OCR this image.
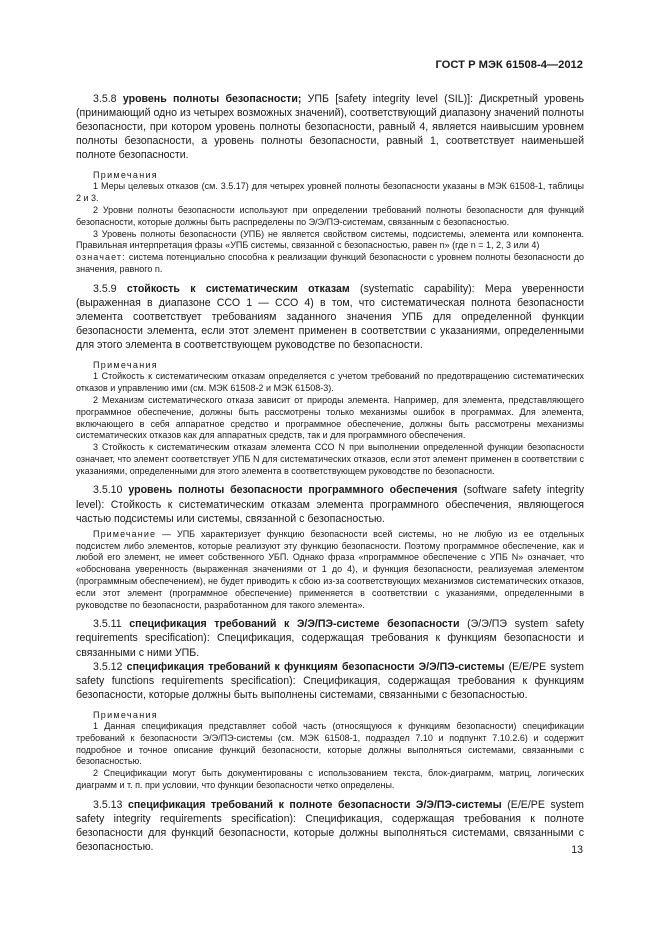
ГОСТ Р МЭК 61508-4—2012

3.5.8 уровень полноты безопасности; УПБ [safety integrity level (SIL)]: Дискретный уровень (принимающий одно из четырех возможных значений), соответствующий диапазону значений полноты безопасности, при котором уровень полноты безопасности, равный 4, является наивысшим уровнем полноты безопасности, а уровень полноты безопасности, равный 1, соответствует наименьшей полноте безопасности.

Примечания

1 Меры целевых отказов (см. 3.5.17) для четырех уровней полноты безопасности указаны в МЭК 61508-1, таблицы 2 и 3.

2 Уровни полноты безопасности используют при определении требований полноты безопасности для функций безопасности, которые должны быть распределены по Э/Э/ПЭ-системам, связанным с безопасностью.

3 Уровень полноты безопасности (УПБ) не является свойством системы, подсистемы, элемента или компонента. Правильная интерпретация фразы «УПБ системы, связанной с безопасностью, равен n» (где n = 1, 2, 3 или 4)

означает: система потенциально способна к реализации функций безопасности с уровнем полноты безопасности до значения, равного n.

3.5.9 стойкость к систематическим отказам (systematic capability): Мера уверенности (выраженная в диапазоне ССО 1 — ССО 4) в том, что систематическая полнота безопасности элемента соответствует требованиям заданного значения УПБ для определенной функции безопасности элемента, если этот элемент применен в соответствии с указаниями, определенными для этого элемента в соответствующем руководстве по безопасности.

Примечания

1 Стойкость к систематическим отказам определяется с учетом требований по предотвращению систематических отказов и управлению ими (см. МЭК 61508-2 и МЭК 61508-3).

2 Механизм систематического отказа зависит от природы элемента. Например, для элемента, представляющего программное обеспечение, должны быть рассмотрены только механизмы ошибок в программах. Для элемента, включающего в себя аппаратное средство и программное обеспечение, должны быть рассмотрены механизмы систематических отказов как для аппаратных средств, так и для программного обеспечения.

3 Стойкость к систематическим отказам элемента ССО N при выполнении определенной функции безопасности означает, что элемент соответствует УПБ N для систематических отказов, если этот элемент применен в соответствии с указаниями, определенными для этого элемента в соответствующем руководстве по безопасности.

3.5.10 уровень полноты безопасности программного обеспечения (software safety integrity level): Стойкость к систематическим отказам элемента программного обеспечения, являющегося частью подсистемы или системы, связанной с безопасностью.

Примечание — УПБ характеризует функцию безопасности всей системы, но не любую из ее отдельных подсистем либо элементов, которые реализуют эту функцию безопасности. Поэтому программное обеспечение, как и любой его элемент, не имеет собственного УБП. Однако фраза «программное обеспечение с УПБ N» означает, что «обоснована уверенность (выраженная значениями от 1 до 4), и функция безопасности, реализуемая элементом (программным обеспечением), не будет приводить к сбою из-за соответствующих механизмов систематических отказов, если этот элемент (программное обеспечение) применяется в соответствии с указаниями, определенными в руководстве по безопасности, разработанном для такого элемента».

3.5.11 спецификация требований к Э/Э/ПЭ-системе безопасности (Э/Э/ПЭ system safety requirements specification): Спецификация, содержащая требования к функциям безопасности и связанными с ними УПБ.

3.5.12 спецификация требований к функциям безопасности Э/Э/ПЭ-системы (E/E/PE system safety functions requirements specification): Спецификация, содержащая требования к функциям безопасности, которые должны быть выполнены системами, связанными с безопасностью.

Примечания

1 Данная спецификация представляет собой часть (относящуюся к функциям безопасности) спецификации требований к безопасности Э/Э/ПЭ-системы (см. МЭК 61508-1, подраздел 7.10 и подпункт 7.10.2.6) и содержит подробное и точное описание функций безопасности, которые должны выполняться системами, связанными с безопасностью.

2 Спецификации могут быть документированы с использованием текста, блок-диаграмм, матриц, логических диаграмм и т. п. при условии, что функции безопасности четко определены.

3.5.13 спецификация требований к полноте безопасности Э/Э/ПЭ-системы (E/E/PE system safety integrity requirements specification): Спецификация, содержащая требования к полноте безопасности для функций безопасности, которые должны выполняться системами, связанными с безопасностью.	13
